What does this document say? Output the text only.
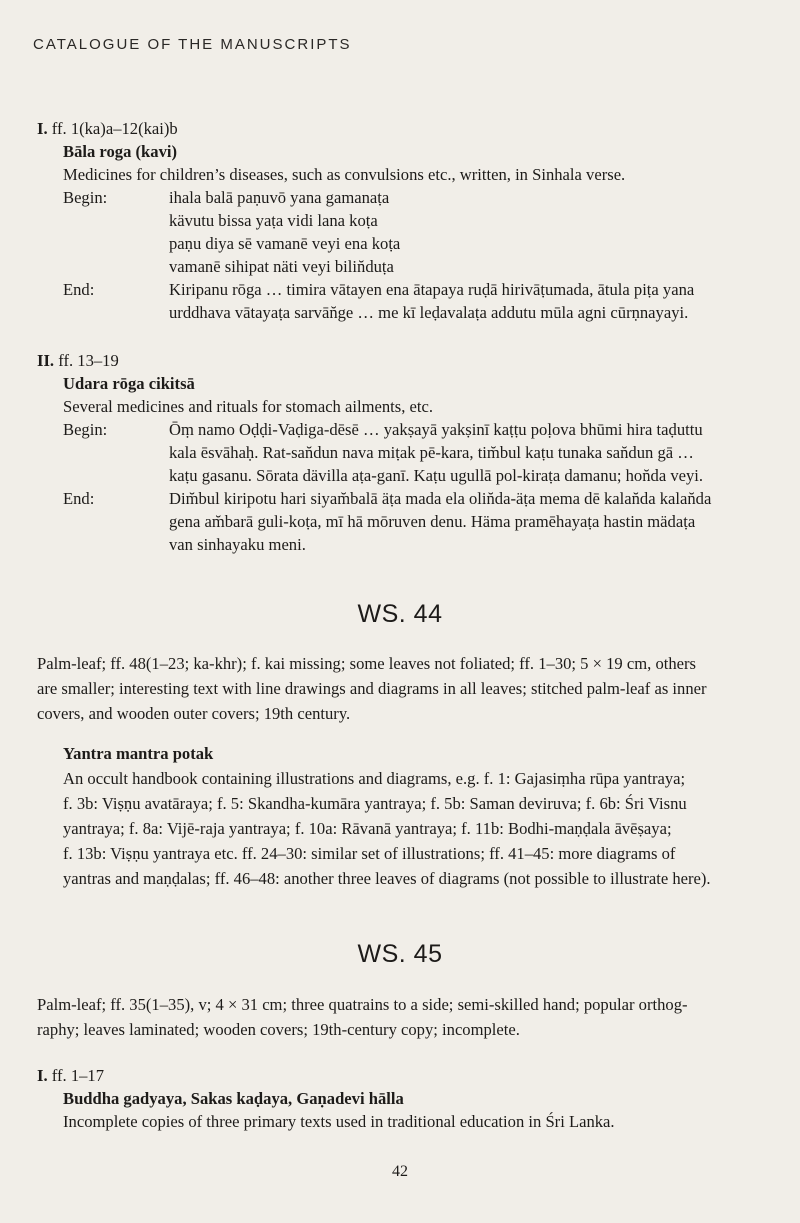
CATALOGUE OF THE MANUSCRIPTS
I. ff. 1(ka)a–12(kai)b
Bāla roga (kavi)
Medicines for children’s diseases, such as convulsions etc., written, in Sinhala verse.
Begin:	ihala balā paṇuvō yana gamanaṭa
kävutu bissa yaṭa vidi lana koṭa
paṇu diya sē vamanē veyi ena koṭa
vamanē sihipat näti veyi bilin̆duṭa
End:	Kiripanu rōga … timira vātayen ena ātapaya ruḍā hirivāṭumada, ātula piṭa yana
urddhava vātayaṭa sarvān̆ge … me kī leḍavalaṭa addutu mūla agni cūrṇnayayi.
II. ff. 13–19
Udara rōga cikitsā
Several medicines and rituals for stomach ailments, etc.
Begin:	Ōṃ namo Oḍḍi-Vaḍiga-dēsē … yakṣayā yakṣinī kaṭṭu poḷova bhūmi hira taḍuttu
kala ēsvāhaḥ. Rat-san̆dun nava miṭak pē-kara, tim̆bul kaṭu tunaka san̆dun gā …
kaṭu gasanu. Sōrata dävilla aṭa-ganī. Kaṭu ugullā pol-kiraṭa damanu; hon̆da veyi.
End:	Dim̆bul kiripotu hari siyam̆balā äṭa mada ela olin̆da-äṭa mema dē kalan̆da kalan̆da
gena am̆barā guli-koṭa, mī hā mōruven denu. Häma pramēhayaṭa hastin mädaṭa
van sinhayaku meni.
WS. 44
Palm-leaf; ff. 48(1–23; ka-khr); f. kai missing; some leaves not foliated; ff. 1–30; 5 × 19 cm, others
are smaller; interesting text with line drawings and diagrams in all leaves; stitched palm-leaf as inner
covers, and wooden outer covers; 19th century.
Yantra mantra potak
An occult handbook containing illustrations and diagrams, e.g. f. 1: Gajasiṃha rūpa yantraya;
f. 3b: Viṣṇu avatāraya; f. 5: Skandha-kumāra yantraya; f. 5b: Saman deviruva; f. 6b: Śri Visnu
yantraya; f. 8a: Vijē-raja yantraya; f. 10a: Rāvanā yantraya; f. 11b: Bodhi-maṇḍala āvēṣaya;
f. 13b: Viṣṇu yantraya etc. ff. 24–30: similar set of illustrations; ff. 41–45: more diagrams of
yantras and maṇḍalas; ff. 46–48: another three leaves of diagrams (not possible to illustrate here).
WS. 45
Palm-leaf; ff. 35(1–35), v; 4 × 31 cm; three quatrains to a side; semi-skilled hand; popular orthog-
raphy; leaves laminated; wooden covers; 19th-century copy; incomplete.
I. ff. 1–17
Buddha gadyaya, Sakas kaḍaya, Gaṇadevi hālla
Incomplete copies of three primary texts used in traditional education in Śri Lanka.
42
